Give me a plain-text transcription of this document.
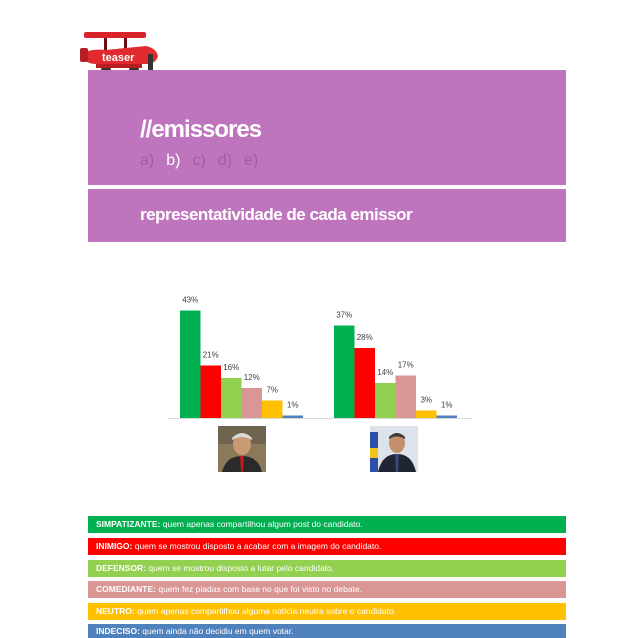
teaser
//emissores
a) b) c) d) e)
representatividade de cada emissor
43%
21%
16%
12%
7%
1%
37%
28%
14%
17%
3%
1%
SIMPATIZANTE: quem apenas compartilhou algum post do candidato.
INIMIGO: quem se mostrou disposto a acabar com a imagem do candidato.
DEFENSOR: quem se mostrou disposto a lutar pelo candidato.
COMEDIANTE: quem fez piadas com base no que foi visto no debate.
NEUTRO: quem apenas compartilhou alguma notícia neutra sobre o candidato.
INDECISO: quem ainda não decidiu em quem votar.
